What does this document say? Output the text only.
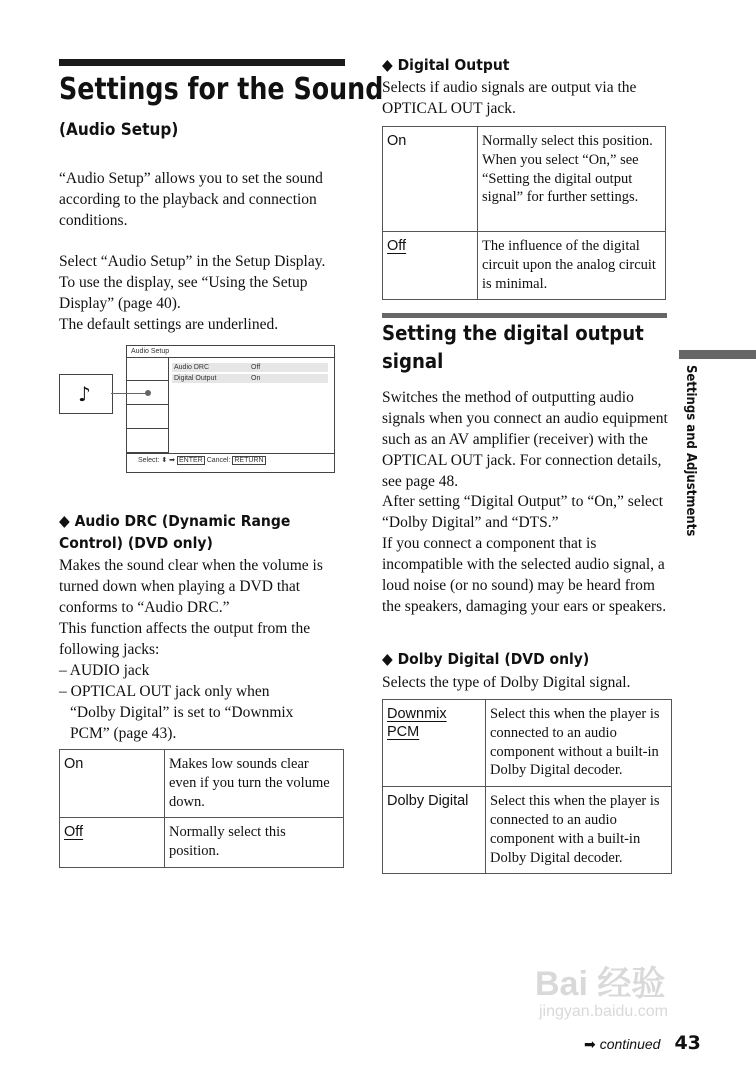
Settings for the Sound
(Audio Setup)

“Audio Setup” allows you to set the sound according to the playback and connection conditions.

Select “Audio Setup” in the Setup Display. To use the display, see “Using the Setup Display” (page 40).

The default settings are underlined.

Audio Setup
♪
Audio DRC	Off
Digital Output	On
Select: ⬍ ➡ ENTER Cancel: RETURN
◆ Audio DRC (Dynamic Range
Control) (DVD only)

Makes the sound clear when the volume is turned down when playing a DVD that conforms to “Audio DRC.”

This function affects the output from the following jacks:

– AUDIO jack

– OPTICAL OUT jack only when

“Dolby Digital” is set to “Downmix

PCM” (page 43).

On	Makes low sounds clear even if you turn the volume down.
Off	Normally select this position.
◆ Digital Output

Selects if audio signals are output via the OPTICAL OUT jack.

On	Normally select this position. When you select “On,” see “Setting the digital output signal” for further settings.
Off	The influence of the digital circuit upon the analog circuit is minimal.
Setting the digital output
signal

Switches the method of outputting audio signals when you connect an audio equipment such as an AV amplifier (receiver) with the OPTICAL OUT jack. For connection details, see page 48.

After setting “Digital Output” to “On,” select “Dolby Digital” and “DTS.”

If you connect a component that is incompatible with the selected audio signal, a loud noise (or no sound) may be heard from the speakers, damaging your ears or speakers.

◆ Dolby Digital (DVD only)

Selects the type of Dolby Digital signal.

Downmix
PCM	Select this when the player is connected to an audio component without a built-in Dolby Digital decoder.
Dolby Digital	Select this when the player is connected to an audio component with a built-in Dolby Digital decoder.
Settings and Adjustments
Bai 经验
jingyan.baidu.com
➡ continued 43
